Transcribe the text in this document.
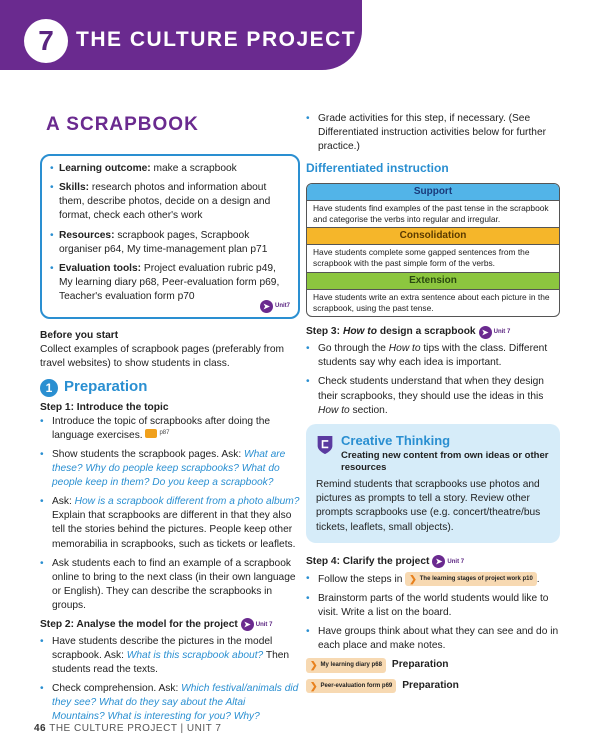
7	THE CULTURE PROJECT
A SCRAPBOOK
• Learning outcome: make a scrapbook
• Skills: research photos and information about them, describe photos, decide on a design and format, check each other's work
• Resources: scrapbook pages, Scrapbook organiser p64, My time-management plan p71
• Evaluation tools: Project evaluation rubric p49, My learning diary p68, Peer-evaluation form p69, Teacher's evaluation form p70
➤ Unit7
Before you start
Collect examples of scrapbook pages (preferably from travel websites) to show students in class.
1 Preparation
Step 1: Introduce the topic
• Introduce the topic of scrapbooks after doing the language exercises.	p87
• Show students the scrapbook pages. Ask: What are these? Why do people keep scrapbooks? What do people keep in them? Do you keep a scrapbook?
• Ask: How is a scrapbook different from a photo album? Explain that scrapbooks are different in that they also tell the stories behind the pictures. People keep other memorabilia in scrapbooks, such as tickets or leaflets.
• Ask students each to find an example of a scrapbook online to bring to the next class (in their own language or English). They can describe the scrapbooks in groups.
Step 2: Analyse the model for the project ➤ Unit 7
• Have students describe the pictures in the model scrapbook. Ask: What is this scrapbook about? Then students read the texts.
• Check comprehension. Ask: Which festival/animals did they see? What do they say about the Altai Mountains? What is interesting for you? Why?
• Grade activities for this step, if necessary. (See Differentiated instruction activities below for further practice.)
Differentiated instruction
Support
Have students find examples of the past tense in the scrapbook and categorise the verbs into regular and irregular.
Consolidation
Have students complete some gapped sentences from the scrapbook with the past simple form of the verbs.
Extension
Have students write an extra sentence about each picture in the scrapbook, using the past tense.
Step 3: How to design a scrapbook ➤ Unit 7
• Go through the How to tips with the class. Different students say why each idea is important.
• Check students understand that when they design their scrapbooks, they should use the ideas in this How to section.
Creative Thinking
Creating new content from own ideas or other resources
Remind students that scrapbooks use photos and pictures as prompts to tell a story. Review other prompts scrapbooks use (e.g. concert/theatre/bus tickets, leaflets, small objects).
Step 4: Clarify the project ➤ Unit 7
• Follow the steps in ❯ The learning stages of project work p10 .
• Brainstorm parts of the world students would like to visit. Write a list on the board.
• Have groups think about what they can see and do in each place and make notes.
❯ My learning diary p68 Preparation
❯ Peer-evaluation form p69 Preparation
46 THE CULTURE PROJECT | UNIT 7
